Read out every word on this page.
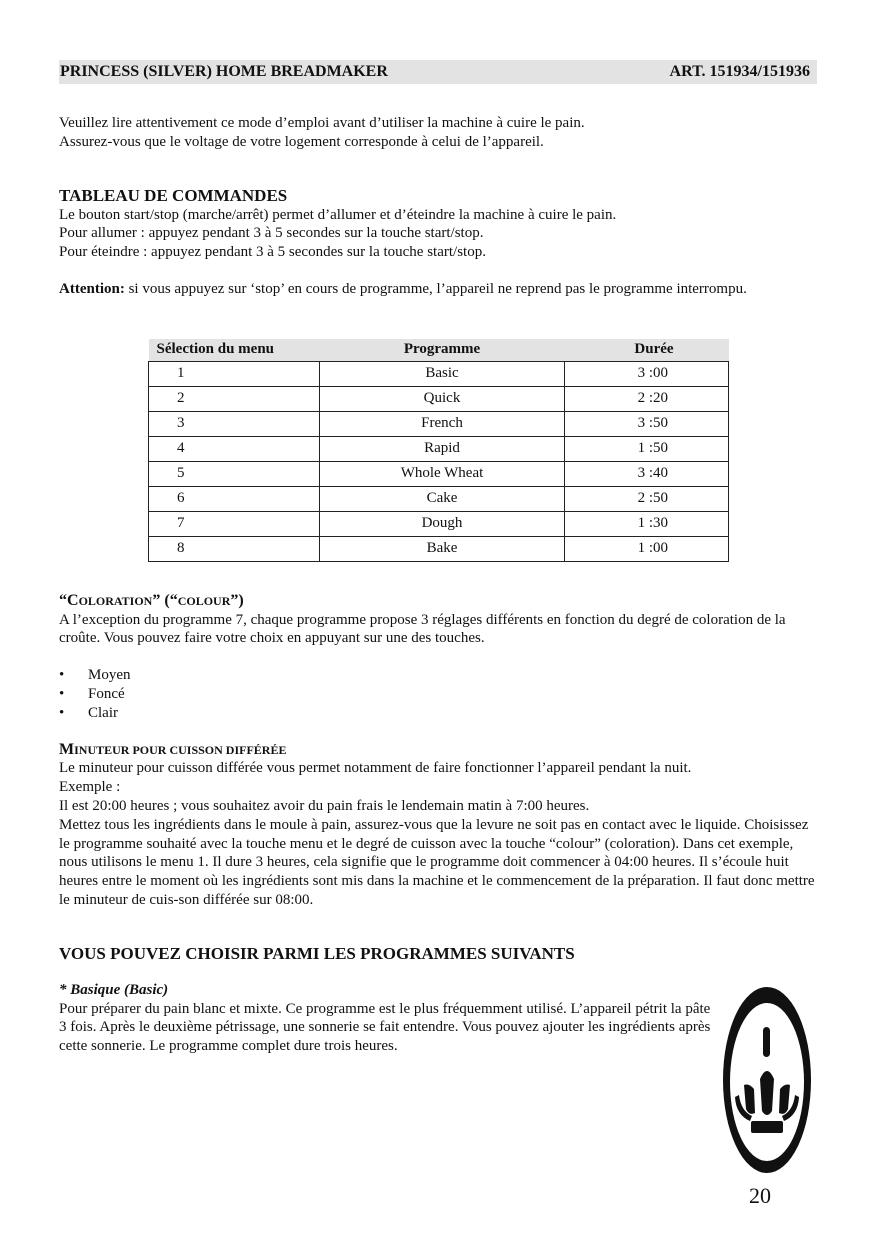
PRINCESS (SILVER) HOME BREADMAKER	ART. 151934/151936

Veuillez lire attentivement ce mode d’emploi avant d’utiliser la machine à cuire le pain.

Assurez-vous que le voltage de votre logement corresponde à celui de l’appareil.

TABLEAU DE COMMANDES

Le bouton start/stop (marche/arrêt) permet d’allumer et d’éteindre la machine à cuire le pain.

Pour allumer : appuyez pendant 3 à 5 secondes sur la touche start/stop.

Pour éteindre : appuyez pendant 3 à 5 secondes sur la touche start/stop.

Attention: si vous appuyez sur ‘stop’ en cours de programme, l’appareil ne reprend pas le programme interrompu.

Sélection du menu	Programme	Durée
1	Basic	3 :00
2	Quick	2 :20
3	French	3 :50
4	Rapid	1 :50
5	Whole Wheat	3 :40
6	Cake	2 :50
7	Dough	1 :30
8	Bake	1 :00

“COLORATION” (“COLOUR”)

A l’exception du programme 7, chaque programme propose 3 réglages différents en fonction du degré de coloration de la croûte. Vous pouvez faire votre choix en appuyant sur une des touches.

• Moyen
• Foncé
• Clair

MINUTEUR POUR CUISSON DIFFÉRÉE

Le minuteur pour cuisson différée vous permet notamment de faire fonctionner l’appareil pendant la nuit.

Exemple :

Il est 20:00 heures ; vous souhaitez avoir du pain frais le lendemain matin à 7:00 heures.

Mettez tous les ingrédients dans le moule à pain, assurez-vous que la levure ne soit pas en contact avec le liquide. Choisissez le programme souhaité avec la touche menu et le degré de cuisson avec la touche “colour” (coloration). Dans cet exemple, nous utilisons le menu 1. Il dure 3 heures, cela signifie que le programme doit commencer à 04:00 heures. Il s’écoule huit heures entre le moment où les ingrédients sont mis dans la machine et le commencement de la préparation. Il faut donc mettre le minuteur de cuis-son différée sur 08:00.

VOUS POUVEZ CHOISIR PARMI LES PROGRAMMES SUIVANTS

* Basique (Basic)

Pour préparer du pain blanc et mixte. Ce programme est le plus fréquemment utilisé. L’appareil pétrit la pâte 3 fois. Après le deuxième pétrissage, une sonnerie se fait entendre. Vous pouvez ajouter les ingrédients après cette sonnerie. Le programme complet dure trois heures.

20
